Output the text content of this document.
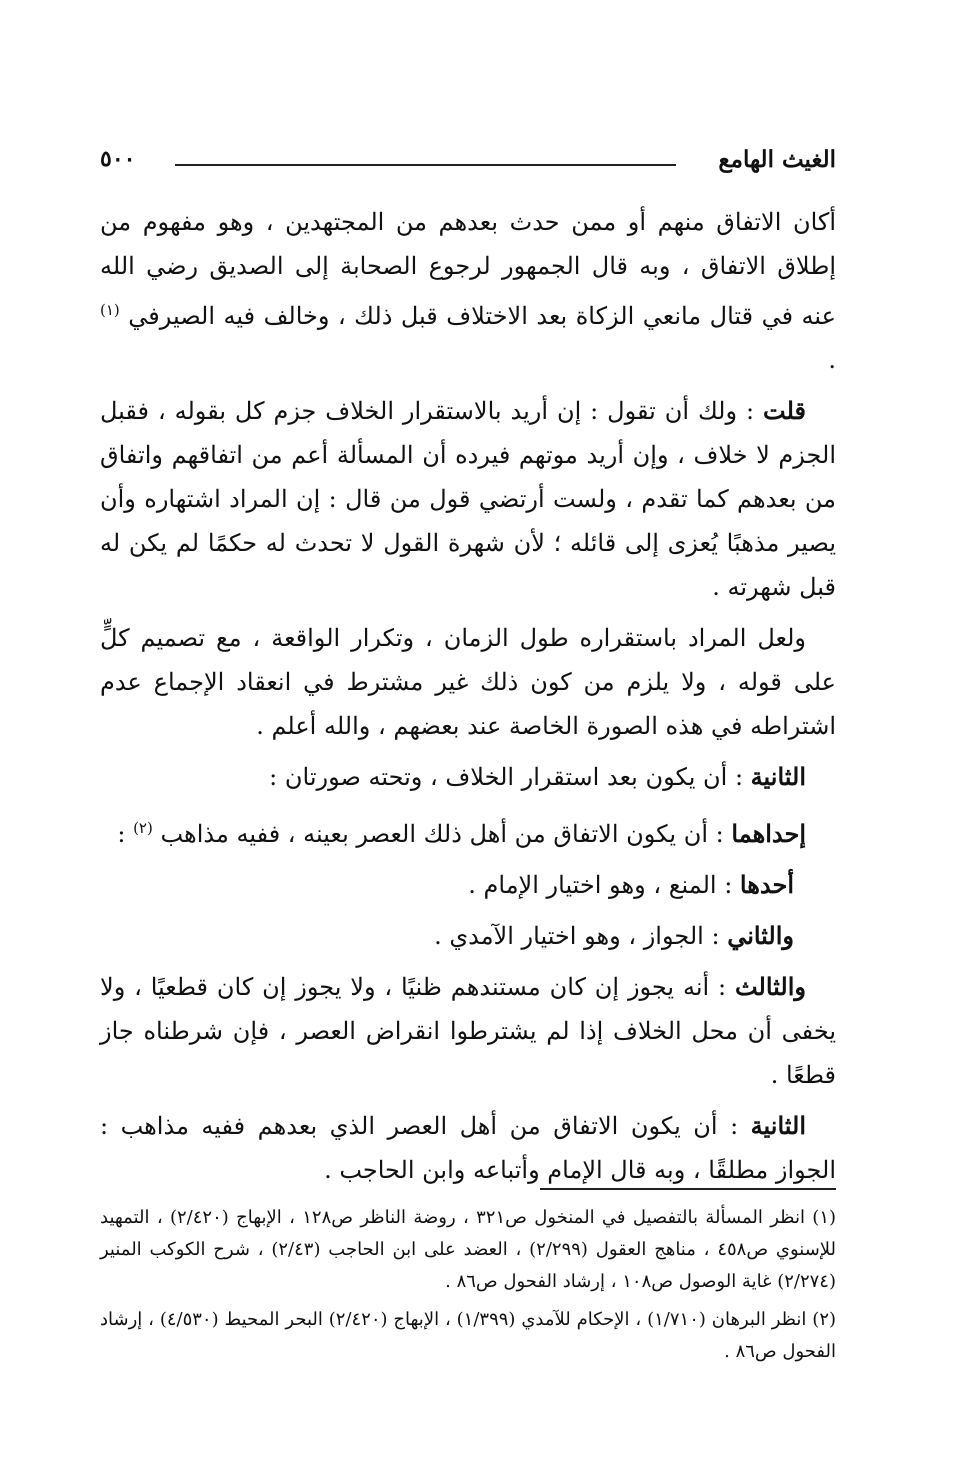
الغيث الهامع
٥٠٠

أكان الاتفاق منهم أو ممن حدث بعدهم من المجتهدين ، وهو مفهوم من إطلاق الاتفاق ، وبه قال الجمهور لرجوع الصحابة إلى الصديق رضي الله عنه في قتال مانعي الزكاة بعد الاختلاف قبل ذلك ، وخالف فيه الصيرفي $^{(١)}$ .

قلت : ولك أن تقول : إن أريد بالاستقرار الخلاف جزم كل بقوله ، فقبل الجزم لا خلاف ، وإن أريد موتهم فيرده أن المسألة أعم من اتفاقهم واتفاق من بعدهم كما تقدم ، ولست أرتضي قول من قال : إن المراد اشتهاره وأن يصير مذهبًا يُعزى إلى قائله ؛ لأن شهرة القول لا تحدث له حكمًا لم يكن له قبل شهرته .

ولعل المراد باستقراره طول الزمان ، وتكرار الواقعة ، مع تصميم كلٍّ على قوله ، ولا يلزم من كون ذلك غير مشترط في انعقاد الإجماع عدم اشتراطه في هذه الصورة الخاصة عند بعضهم ، والله أعلم .

الثانية : أن يكون بعد استقرار الخلاف ، وتحته صورتان :

إحداهما : أن يكون الاتفاق من أهل ذلك العصر بعينه ، ففيه مذاهب $^{(٢)}$ :

أحدها : المنع ، وهو اختيار الإمام .

والثاني : الجواز ، وهو اختيار الآمدي .

والثالث : أنه يجوز إن كان مستندهم ظنيًا ، ولا يجوز إن كان قطعيًا ، ولا يخفى أن محل الخلاف إذا لم يشترطوا انقراض العصر ، فإن شرطناه جاز قطعًا .

الثانية : أن يكون الاتفاق من أهل العصر الذي بعدهم ففيه مذاهب : الجواز مطلقًا ، وبه قال الإمام وأتباعه وابن الحاجب .

(١) انظر المسألة بالتفصيل في المنخول ص٣٢١ ، روضة الناظر ص١٢٨ ، الإبهاج (٢/٤٢٠) ، التمهيد للإسنوي ص٤٥٨ ، مناهج العقول (٢/٢٩٩) ، العضد على ابن الحاجب (٢/٤٣) ، شرح الكوكب المنير (٢/٢٧٤) غاية الوصول ص١٠٨ ، إرشاد الفحول ص٨٦ .

(٢) انظر البرهان (١/٧١٠) ، الإحكام للآمدي (١/٣٩٩) ، الإبهاج (٢/٤٢٠) البحر المحيط (٤/٥٣٠) ، إرشاد الفحول ص٨٦ .
